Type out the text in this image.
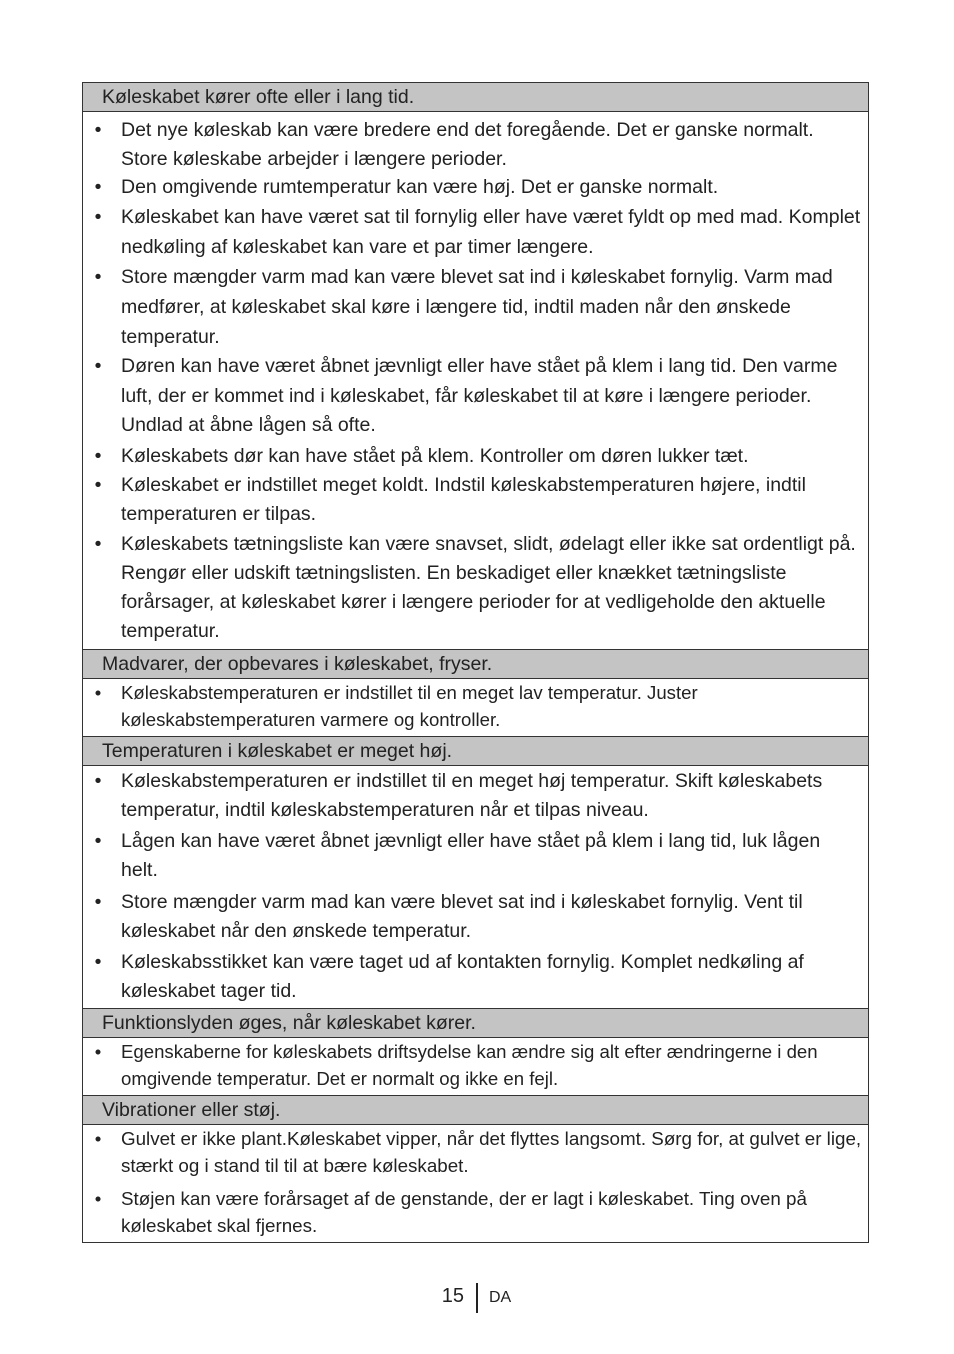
Køleskabet kører ofte eller i lang tid.
• Det nye køleskab kan være bredere end det foregående. Det er ganske normalt. Store køleskabe arbejder i længere perioder.
• Den omgivende rumtemperatur kan være høj. Det er ganske normalt.
• Køleskabet kan have været sat til fornylig eller have været fyldt op med mad. Komplet nedkøling af køleskabet kan vare et par timer længere.
• Store mængder varm mad kan være blevet sat ind i køleskabet fornylig. Varm mad medfører, at køleskabet skal køre i længere tid, indtil maden når den ønskede temperatur.
• Døren kan have været åbnet jævnligt eller have stået på klem i lang tid. Den varme luft, der er kommet ind i køleskabet, får køleskabet til at køre i længere perioder. Undlad at åbne lågen så ofte.
• Køleskabets dør kan have stået på klem. Kontroller om døren lukker tæt.
• Køleskabet er indstillet meget koldt. Indstil køleskabstemperaturen højere, indtil temperaturen er tilpas.
• Køleskabets tætningsliste kan være snavset, slidt, ødelagt eller ikke sat ordentligt på. Rengør eller udskift tætningslisten. En beskadiget eller knækket tætningsliste forårsager, at køleskabet kører i længere perioder for at vedligeholde den aktuelle temperatur.
Madvarer, der opbevares i køleskabet, fryser.
• Køleskabstemperaturen er indstillet til en meget lav temperatur. Juster køleskabstemperaturen varmere og kontroller.
Temperaturen i køleskabet er meget høj.
• Køleskabstemperaturen er indstillet til en meget høj temperatur. Skift køleskabets temperatur, indtil køleskabstemperaturen når et tilpas niveau.
• Lågen kan have været åbnet jævnligt eller have stået på klem i lang tid, luk lågen helt.
• Store mængder varm mad kan være blevet sat ind i køleskabet fornylig. Vent til køleskabet når den ønskede temperatur.
• Køleskabsstikket kan være taget ud af kontakten fornylig. Komplet nedkøling af køleskabet tager tid.
Funktionslyden øges, når køleskabet kører.
• Egenskaberne for køleskabets driftsydelse kan ændre sig alt efter ændringerne i den omgivende temperatur. Det er normalt og ikke en fejl.
Vibrationer eller støj.
• Gulvet er ikke plant.Køleskabet vipper, når det flyttes langsomt. Sørg for, at gulvet er lige, stærkt og i stand til til at bære køleskabet.
• Støjen kan være forårsaget af de genstande, der er lagt i køleskabet. Ting oven på køleskabet skal fjernes.
15 DA
